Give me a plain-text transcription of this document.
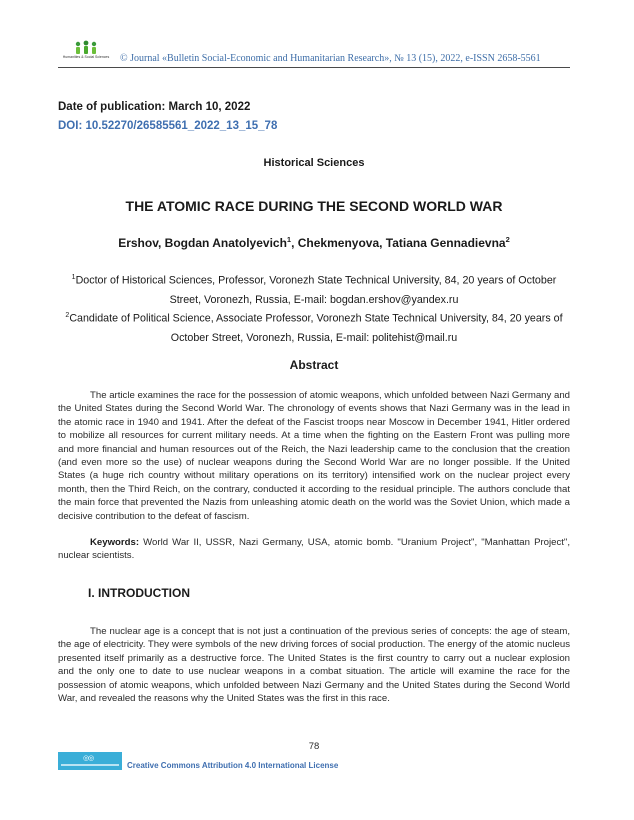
Humanities & Social Sciences	© Journal «Bulletin Social-Economic and Humanitarian Research», № 13 (15), 2022, e-ISSN 2658-5561
Date of publication: March 10, 2022
DOI: 10.52270/26585561_2022_13_15_78
Historical Sciences
THE ATOMIC RACE DURING THE SECOND WORLD WAR
Ershov, Bogdan Anatolyevich$^1$, Chekmenyova, Tatiana Gennadievna$^2$
$^1$Doctor of Historical Sciences, Professor, Voronezh State Technical University, 84, 20 years of October Street, Voronezh, Russia, E-mail: bogdan.ershov@yandex.ru
$^2$Candidate of Political Science, Associate Professor, Voronezh State Technical University, 84, 20 years of October Street, Voronezh, Russia, E-mail: politehist@mail.ru
Abstract

The article examines the race for the possession of atomic weapons, which unfolded between Nazi Germany and the United States during the Second World War. The chronology of events shows that Nazi Germany was in the lead in the atomic race in 1940 and 1941. After the defeat of the Fascist troops near Moscow in December 1941, Hitler ordered to mobilize all resources for current military needs. At a time when the fighting on the Eastern Front was pulling more and more financial and human resources out of the Reich, the Nazi leadership came to the conclusion that the creation (and even more so the use) of nuclear weapons during the Second World War are no longer possible. If the United States (a huge rich country without military operations on its territory) intensified work on the nuclear project every month, then the Third Reich, on the contrary, conducted it according to the residual principle. The authors conclude that the main force that prevented the Nazis from unleashing atomic death on the world was the Soviet Union, which made a decisive contribution to the defeat of fascism.

Keywords: World War II, USSR, Nazi Germany, USA, atomic bomb. "Uranium Project", "Manhattan Project", nuclear scientists.

I. INTRODUCTION

The nuclear age is a concept that is not just a continuation of the previous series of concepts: the age of steam, the age of electricity. They were symbols of the new driving forces of social production. The energy of the atomic nucleus presented itself primarily as a destructive force. The United States is the first country to carry out a nuclear explosion and the only one to date to use nuclear weapons in a combat situation. The article will examine the race for the possession of atomic weapons, which unfolded between Nazi Germany and the United States during the Second World War, and revealed the reasons why the United States was the first in this race.

78
◎◎
Creative Commons Attribution 4.0 International License
